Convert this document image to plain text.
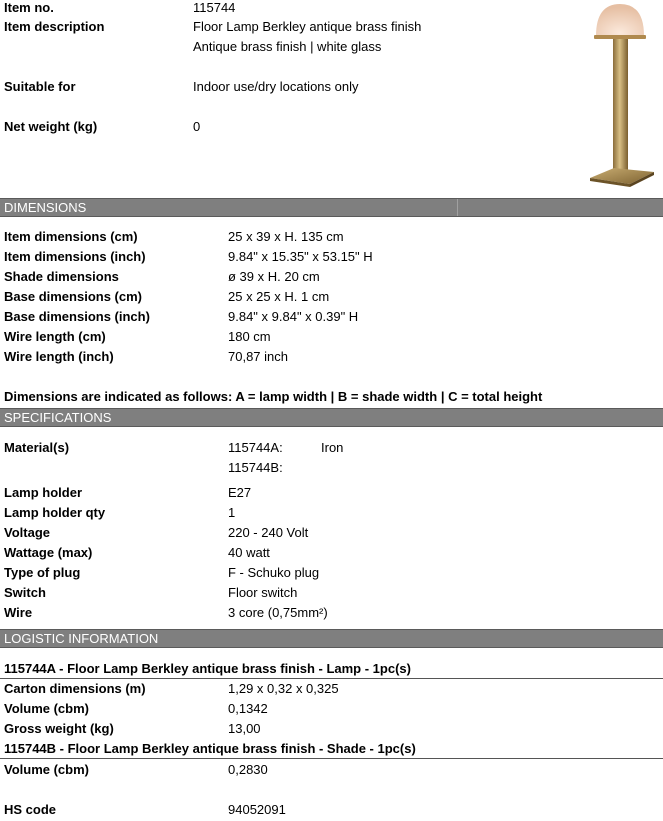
Item no.	115744
Item description	Floor Lamp Berkley antique brass finish
Antique brass finish | white glass
Suitable for	Indoor use/dry locations only
Net weight (kg)	0
DIMENSIONS
Item dimensions (cm)	25 x 39 x H. 135 cm
Item dimensions (inch)	9.84" x 15.35" x 53.15" H
Shade dimensions	ø 39 x H. 20 cm
Base dimensions (cm)	25 x 25 x H. 1 cm
Base dimensions (inch)	9.84" x 9.84" x 0.39" H
Wire length (cm)	180 cm
Wire length (inch)	70,87 inch
Dimensions are indicated as follows: A = lamp width | B = shade width | C = total height
SPECIFICATIONS
Material(s)	115744A:	Iron
115744B:
Lamp holder	E27
Lamp holder qty	1
Voltage	220 - 240 Volt
Wattage (max)	40 watt
Type of plug	F - Schuko plug
Switch	Floor switch
Wire	3 core (0,75mm²)
LOGISTIC INFORMATION
115744A - Floor Lamp Berkley antique brass finish - Lamp - 1pc(s)
Carton dimensions (m)	1,29 x 0,32 x 0,325
Volume (cbm)	0,1342
Gross weight (kg)	13,00
115744B - Floor Lamp Berkley antique brass finish - Shade - 1pc(s)
Volume (cbm)	0,2830
HS code	94052091
